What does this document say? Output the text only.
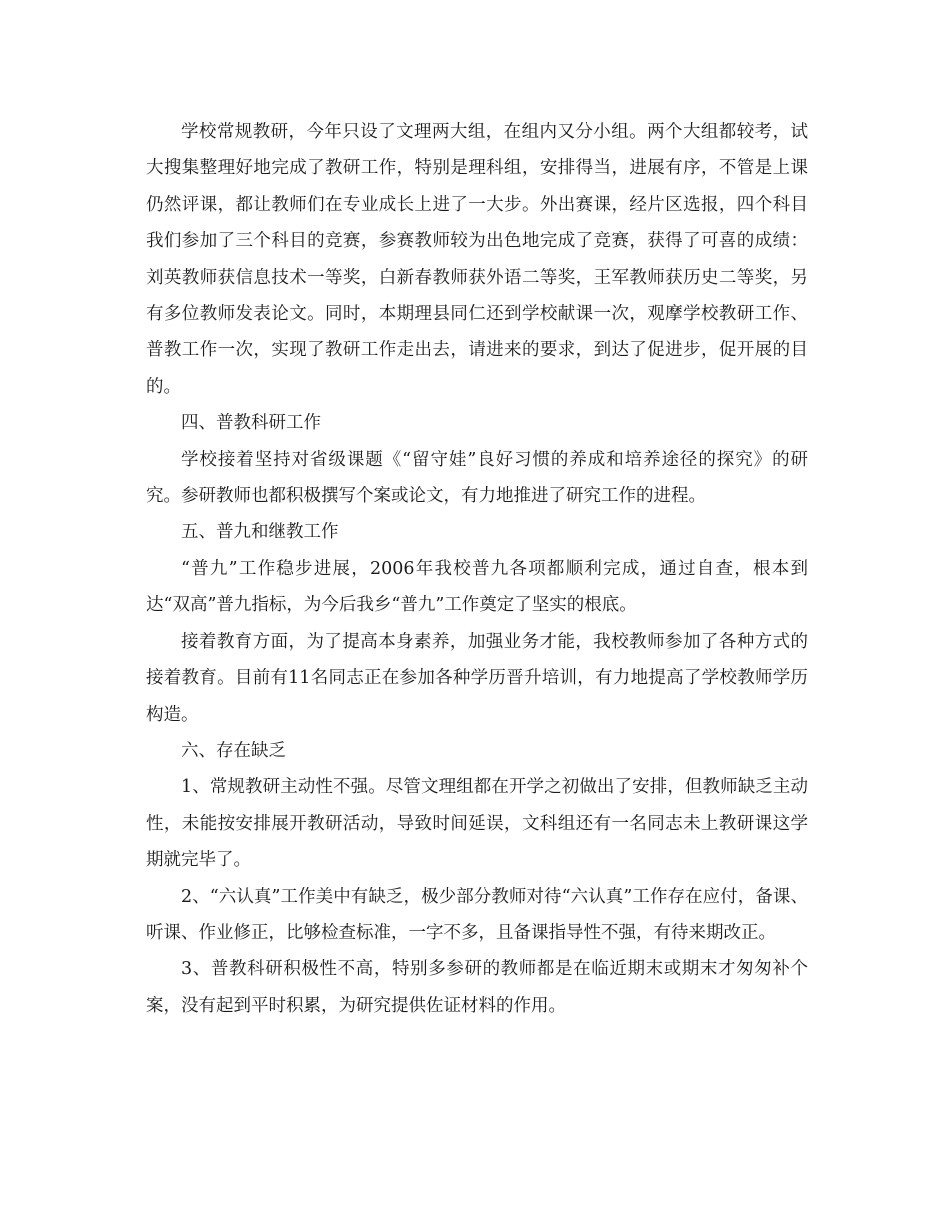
学校常规教研，今年只设了文理两大组，在组内又分小组。两个大组都较考，试大搜集整理好地完成了教研工作，特别是理科组，安排得当，进展有序，不管是上课仍然评课，都让教师们在专业成长上进了一大步。外出赛课，经片区选报，四个科目我们参加了三个科目的竞赛，参赛教师较为出色地完成了竞赛，获得了可喜的成绩：刘英教师获信息技术一等奖，白新春教师获外语二等奖，王军教师获历史二等奖，另有多位教师发表论文。同时，本期理县同仁还到学校献课一次，观摩学校教研工作、普教工作一次，实现了教研工作走出去，请进来的要求，到达了促进步，促开展的目的。

四、普教科研工作

学校接着坚持对省级课题《“留守娃”良好习惯的养成和培养途径的探究》的研究。参研教师也都积极撰写个案或论文，有力地推进了研究工作的进程。

五、普九和继教工作

“普九”工作稳步进展，2006年我校普九各项都顺利完成，通过自查，根本到达“双高”普九指标，为今后我乡“普九”工作奠定了坚实的根底。

接着教育方面，为了提高本身素养，加强业务才能，我校教师参加了各种方式的接着教育。目前有11名同志正在参加各种学历晋升培训，有力地提高了学校教师学历构造。

六、存在缺乏

1、常规教研主动性不强。尽管文理组都在开学之初做出了安排，但教师缺乏主动性，未能按安排展开教研活动，导致时间延误，文科组还有一名同志未上教研课这学期就完毕了。

2、“六认真”工作美中有缺乏，极少部分教师对待“六认真”工作存在应付，备课、听课、作业修正，比够检查标准，一字不多，且备课指导性不强，有待来期改正。

3、普教科研积极性不高，特别多参研的教师都是在临近期末或期末才匆匆补个案，没有起到平时积累，为研究提供佐证材料的作用。
